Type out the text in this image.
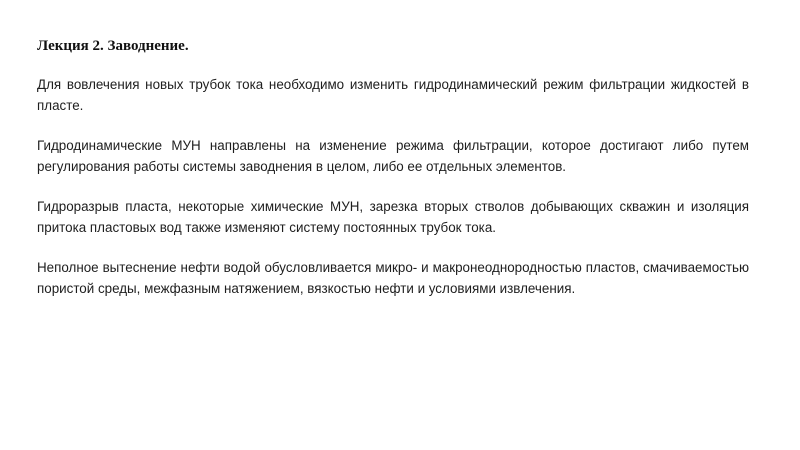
Лекция 2. Заводнение.

Для вовлечения новых трубок тока необходимо изменить гидродинамический режим фильтрации жидкостей в пласте.

Гидродинамические МУН направлены на изменение режима фильтрации, которое достигают либо путем регулирования работы системы заводнения в целом, либо ее отдельных элементов.

Гидроразрыв пласта, некоторые химические МУН, зарезка вторых стволов добывающих скважин и изоляция притока пластовых вод также изменяют систему постоянных трубок тока.

Неполное вытеснение нефти водой обусловливается микро- и макронеоднородностью пластов, смачиваемостью пористой среды, межфазным натяжением, вязкостью нефти и условиями извлечения.
